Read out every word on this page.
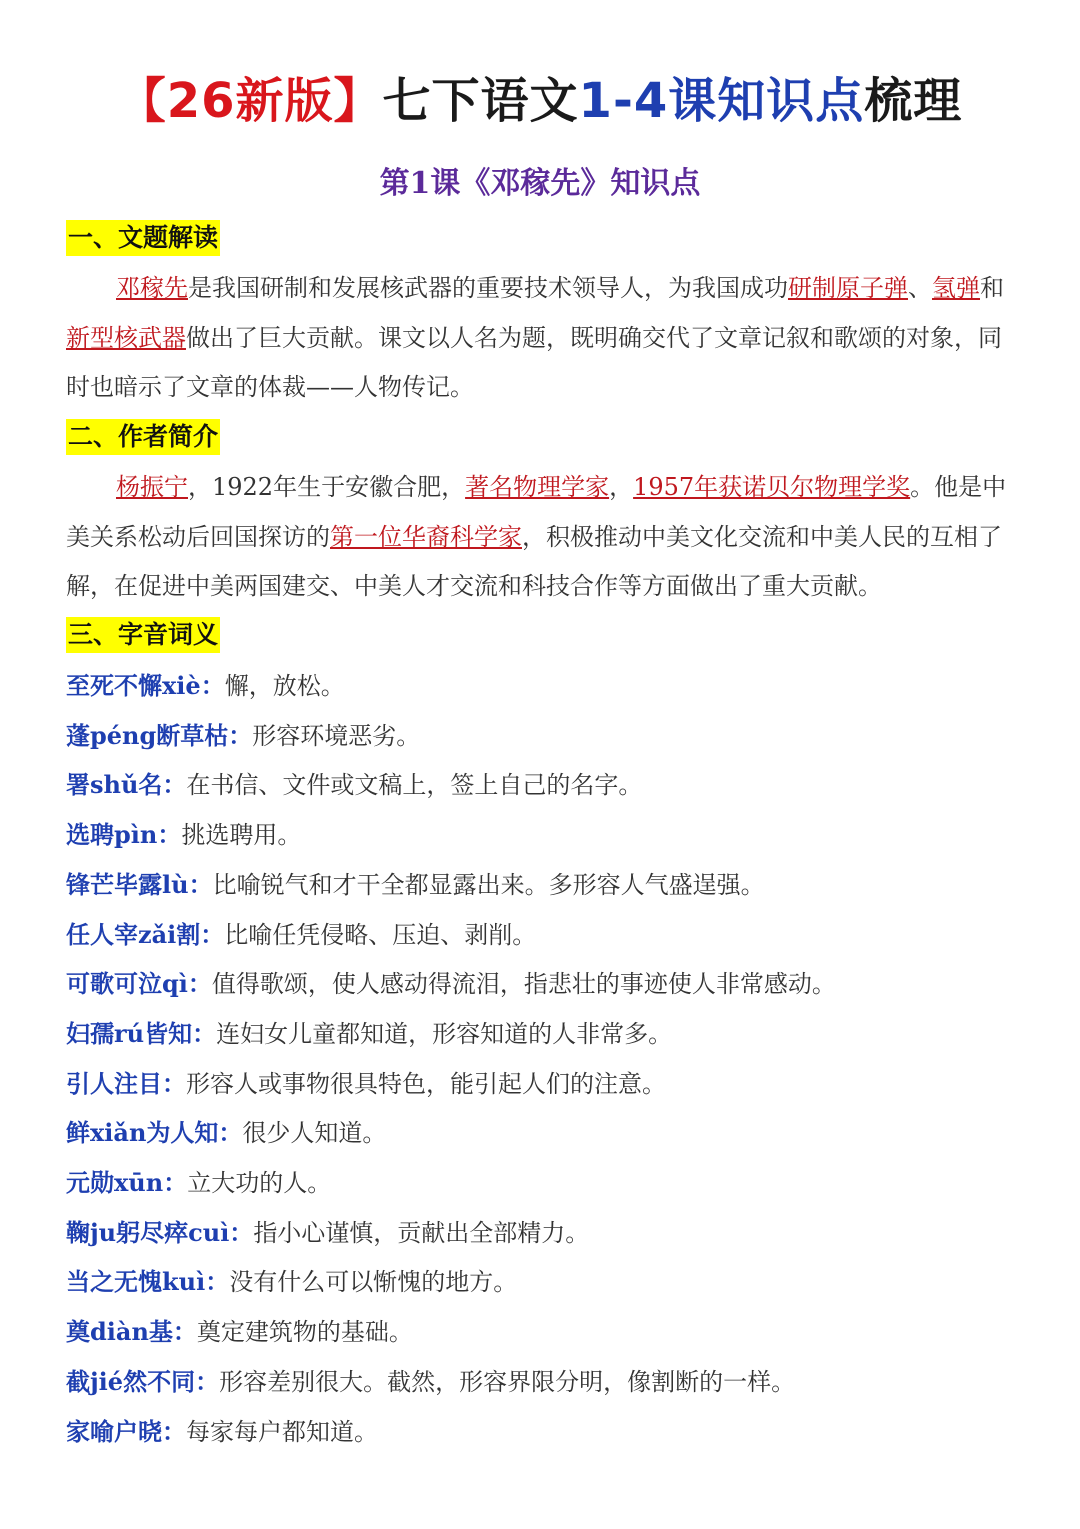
【26新版】七下语文1-4课知识点梳理
第1课《邓稼先》知识点
一、文题解读
邓稼先是我国研制和发展核武器的重要技术领导人，为我国成功研制原子弹、氢弹和新型核武器做出了巨大贡献。课文以人名为题，既明确交代了文章记叙和歌颂的对象，同时也暗示了文章的体裁——人物传记。
二、作者简介
杨振宁，1922年生于安徽合肥，著名物理学家，1957年获诺贝尔物理学奖。他是中美关系松动后回国探访的第一位华裔科学家，积极推动中美文化交流和中美人民的互相了解，在促进中美两国建交、中美人才交流和科技合作等方面做出了重大贡献。
三、字音词义
至死不懈xiè：懈，放松。
蓬péng断草枯：形容环境恶劣。
署shǔ名：在书信、文件或文稿上，签上自己的名字。
选聘pìn：挑选聘用。
锋芒毕露lù：比喻锐气和才干全都显露出来。多形容人气盛逞强。
任人宰zǎi割：比喻任凭侵略、压迫、剥削。
可歌可泣qì：值得歌颂，使人感动得流泪，指悲壮的事迹使人非常感动。
妇孺rú皆知：连妇女儿童都知道，形容知道的人非常多。
引人注目：形容人或事物很具特色，能引起人们的注意。
鲜xiǎn为人知：很少人知道。
元勋xūn：立大功的人。
鞠ju躬尽瘁cuì：指小心谨慎，贡献出全部精力。
当之无愧kuì：没有什么可以惭愧的地方。
奠diàn基：奠定建筑物的基础。
截jié然不同：形容差别很大。截然，形容界限分明，像割断的一样。
家喻户晓：每家每户都知道。
